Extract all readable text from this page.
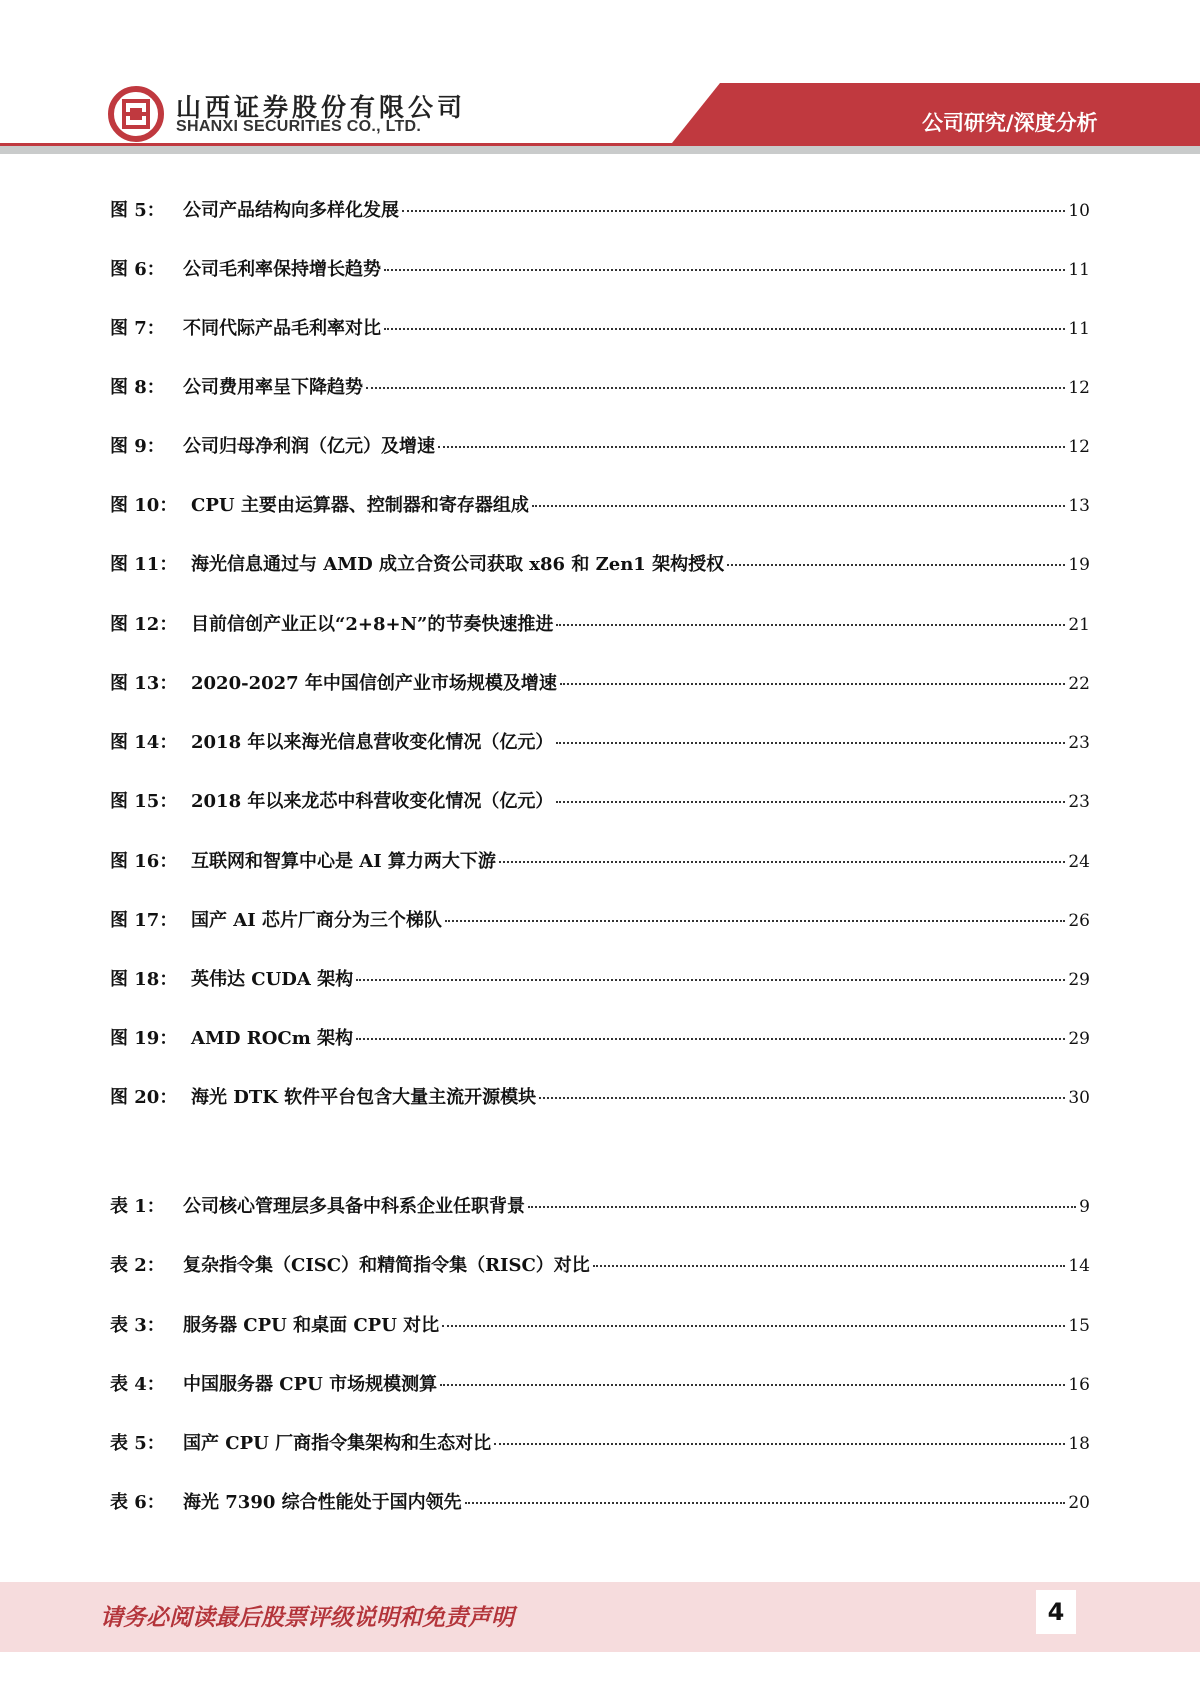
山西证券股份有限公司
SHANXI SECURITIES CO., LTD.	公司研究/深度分析
图 5：	公司产品结构向多样化发展	10
图 6：	公司毛利率保持增长趋势	11
图 7：	不同代际产品毛利率对比	11
图 8：	公司费用率呈下降趋势	12
图 9：	公司归母净利润（亿元）及增速	12
图 10： CPU 主要由运算器、控制器和寄存器组成	13
图 11： 海光信息通过与 AMD 成立合资公司获取 x86 和 Zen1 架构授权	19
图 12： 目前信创产业正以“2+8+N”的节奏快速推进	21
图 13： 2020-2027 年中国信创产业市场规模及增速	22
图 14： 2018 年以来海光信息营收变化情况（亿元）	23
图 15： 2018 年以来龙芯中科营收变化情况（亿元）	23
图 16： 互联网和智算中心是 AI 算力两大下游	24
图 17： 国产 AI 芯片厂商分为三个梯队	26
图 18： 英伟达 CUDA 架构	29
图 19： AMD ROCm 架构	29
图 20： 海光 DTK 软件平台包含大量主流开源模块	30
表 1：	公司核心管理层多具备中科系企业任职背景	9
表 2：	复杂指令集（CISC）和精简指令集（RISC）对比	14
表 3：	服务器 CPU 和桌面 CPU 对比	15
表 4：	中国服务器 CPU 市场规模测算	16
表 5：	国产 CPU 厂商指令集架构和生态对比	18
表 6：	海光 7390 综合性能处于国内领先	20
请务必阅读最后股票评级说明和免责声明	4
